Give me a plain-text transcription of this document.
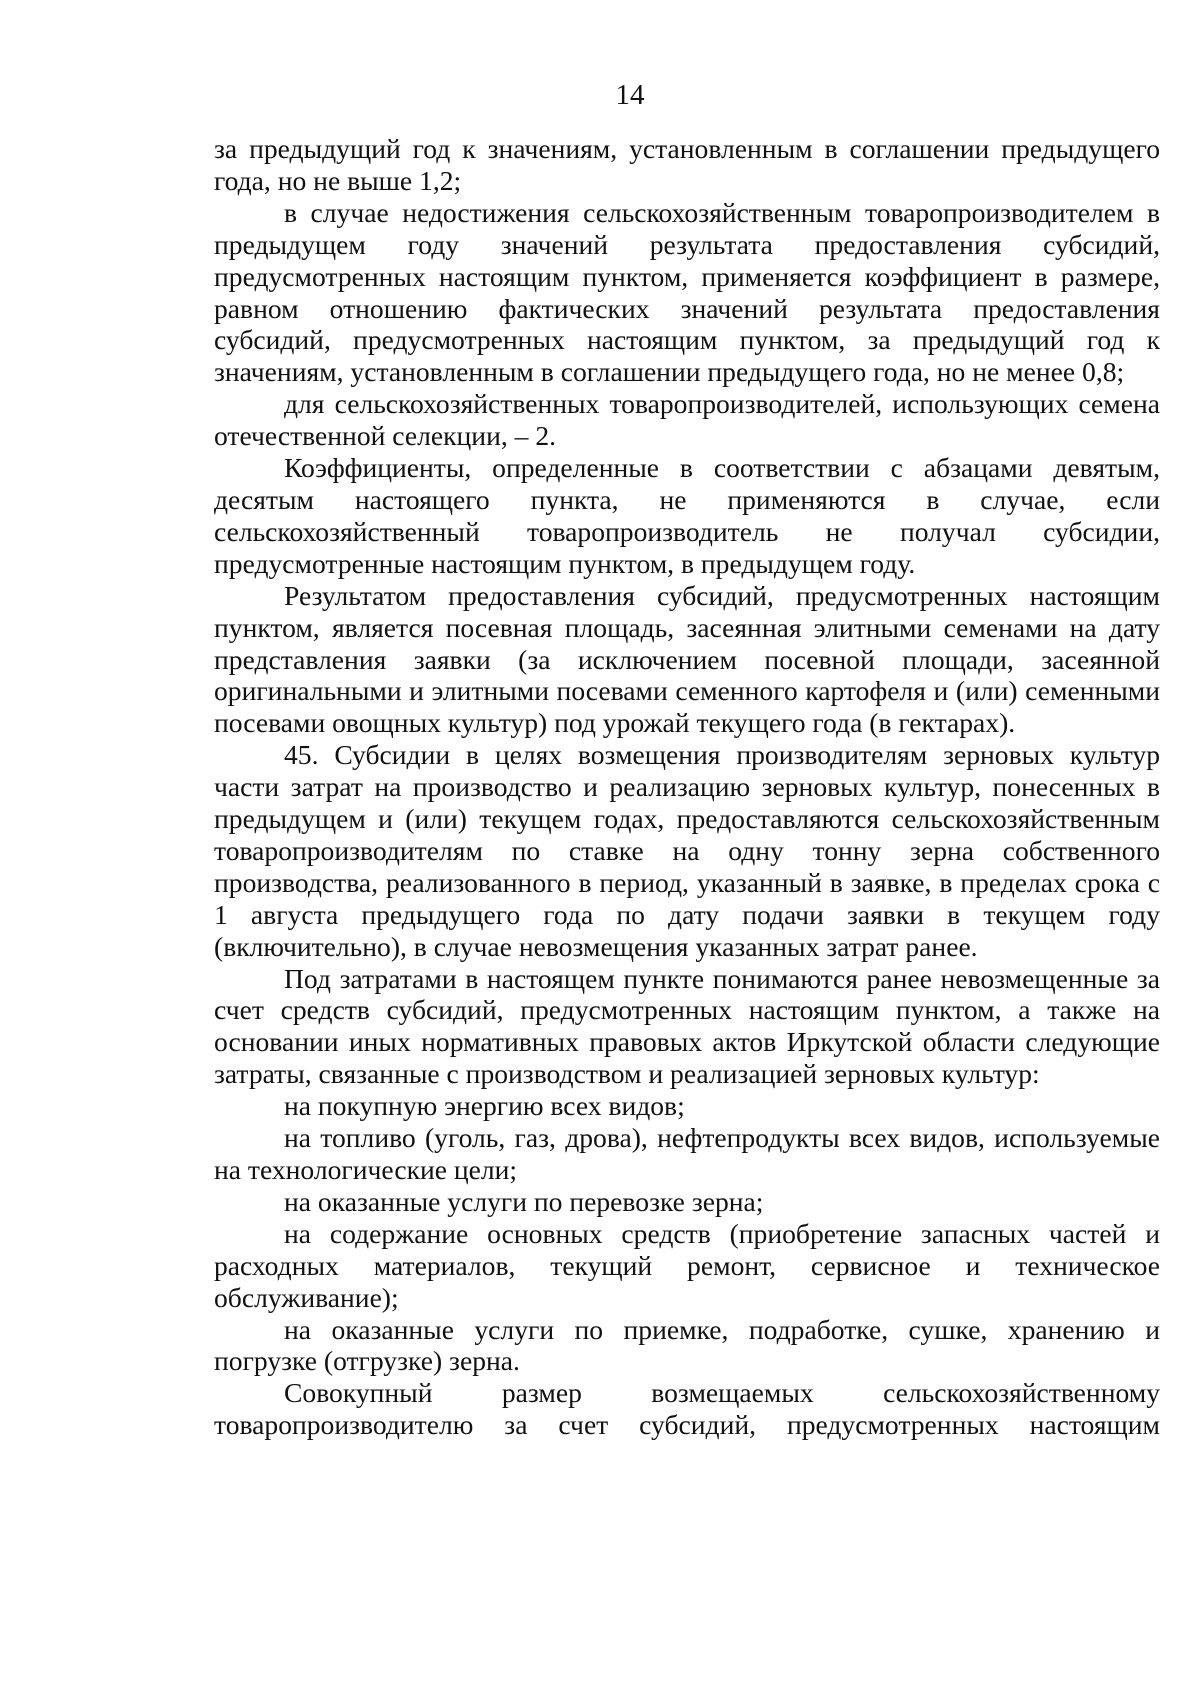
14

за предыдущий год к значениям, установленным в соглашении предыдущего года, но не выше 1,2;

в случае недостижения сельскохозяйственным товаропроизводителем в предыдущем году значений результата предоставления субсидий, предусмотренных настоящим пунктом, применяется коэффициент в размере, равном отношению фактических значений результата предоставления субсидий, предусмотренных настоящим пунктом, за предыдущий год к значениям, установленным в соглашении предыдущего года, но не менее 0,8;

для сельскохозяйственных товаропроизводителей, использующих семена отечественной селекции, – 2.

Коэффициенты, определенные в соответствии с абзацами девятым, десятым настоящего пункта, не применяются в случае, если сельскохозяйственный товаропроизводитель не получал субсидии, предусмотренные настоящим пунктом, в предыдущем году.

Результатом предоставления субсидий, предусмотренных настоящим пунктом, является посевная площадь, засеянная элитными семенами на дату представления заявки (за исключением посевной площади, засеянной оригинальными и элитными посевами семенного картофеля и (или) семенными посевами овощных культур) под урожай текущего года (в гектарах).

45. Субсидии в целях возмещения производителям зерновых культур части затрат на производство и реализацию зерновых культур, понесенных в предыдущем и (или) текущем годах, предоставляются сельскохозяйственным товаропроизводителям по ставке на одну тонну зерна собственного производства, реализованного в период, указанный в заявке, в пределах срока с 1 августа предыдущего года по дату подачи заявки в текущем году (включительно), в случае невозмещения указанных затрат ранее.

Под затратами в настоящем пункте понимаются ранее невозмещенные за счет средств субсидий, предусмотренных настоящим пунктом, а также на основании иных нормативных правовых актов Иркутской области следующие затраты, связанные с производством и реализацией зерновых культур:

на покупную энергию всех видов;

на топливо (уголь, газ, дрова), нефтепродукты всех видов, используемые на технологические цели;

на оказанные услуги по перевозке зерна;

на содержание основных средств (приобретение запасных частей и расходных материалов, текущий ремонт, сервисное и техническое обслуживание);

на оказанные услуги по приемке, подработке, сушке, хранению и погрузке (отгрузке) зерна.

Совокупный размер возмещаемых сельскохозяйственному товаропроизводителю за счет субсидий, предусмотренных настоящим
